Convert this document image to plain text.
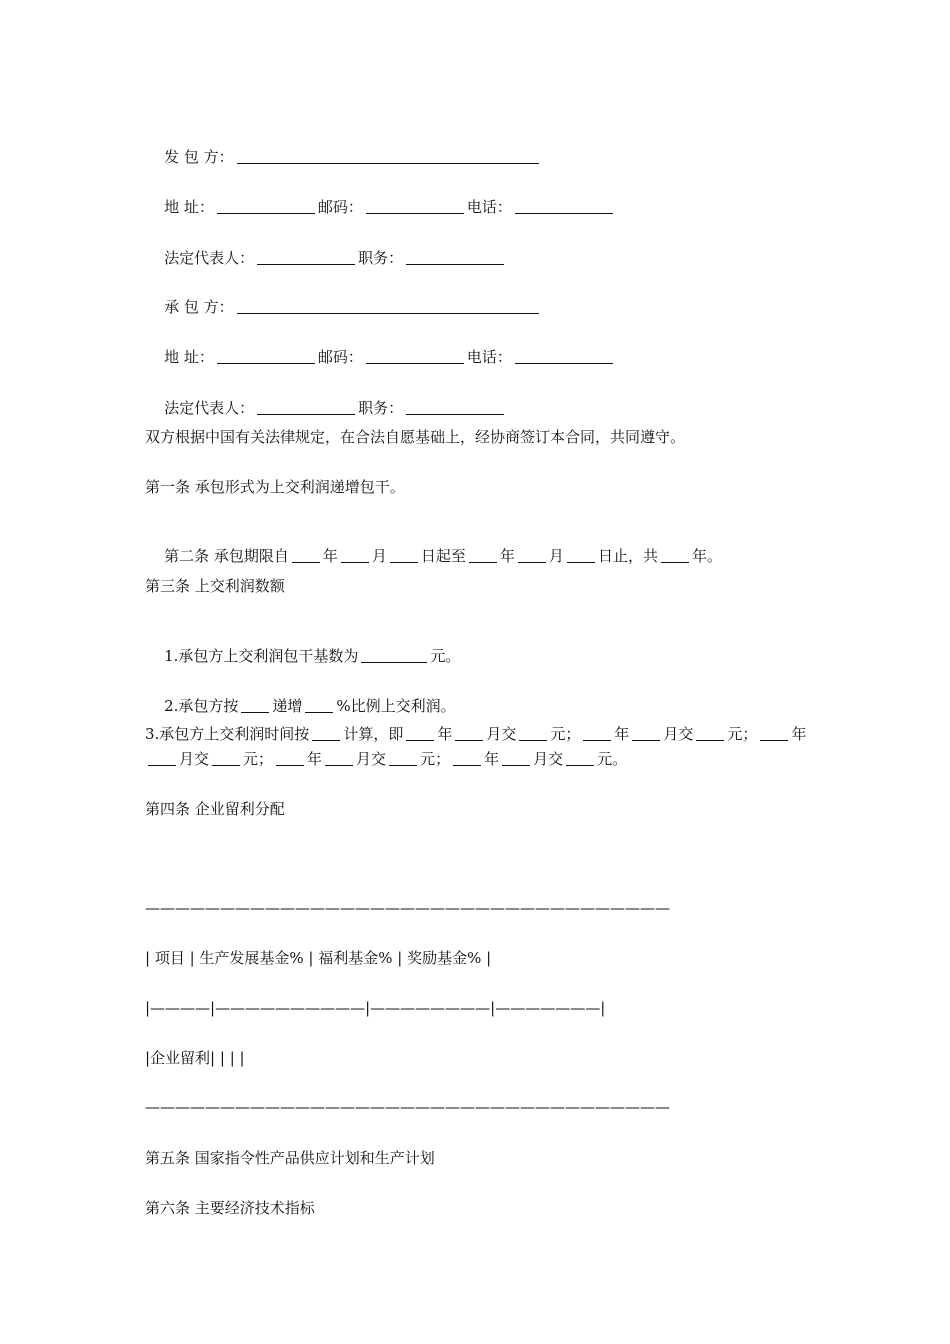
发 包 方：

地 址：	邮码：	电话：

法定代表人：	职务：

承 包 方：

地 址：	邮码：	电话：

法定代表人：	职务：

双方根据中国有关法律规定，在合法自愿基础上，经协商签订本合同，共同遵守。
第一条 承包形式为上交利润递增包干。

第二条 承包期限自 年 月 日起至 年 月 日止，共 年。

第三条 上交利润数额

1.承包方上交利润包干基数为	元。

2.承包方按 递增 %比例上交利润。

3.承包方上交利润时间按 计算，即 年 月交 元； 年 月交 元； 年月交 元； 年 月交 元； 年 月交 元。
第四条 企业留利分配
———————————————————————————————————
| 项目 | 生产发展基金% | 福利基金% | 奖励基金% |
|————|——————————|————————|———————|
|企业留利| | | |
———————————————————————————————————
第五条 国家指令性产品供应计划和生产计划
第六条 主要经济技术指标
